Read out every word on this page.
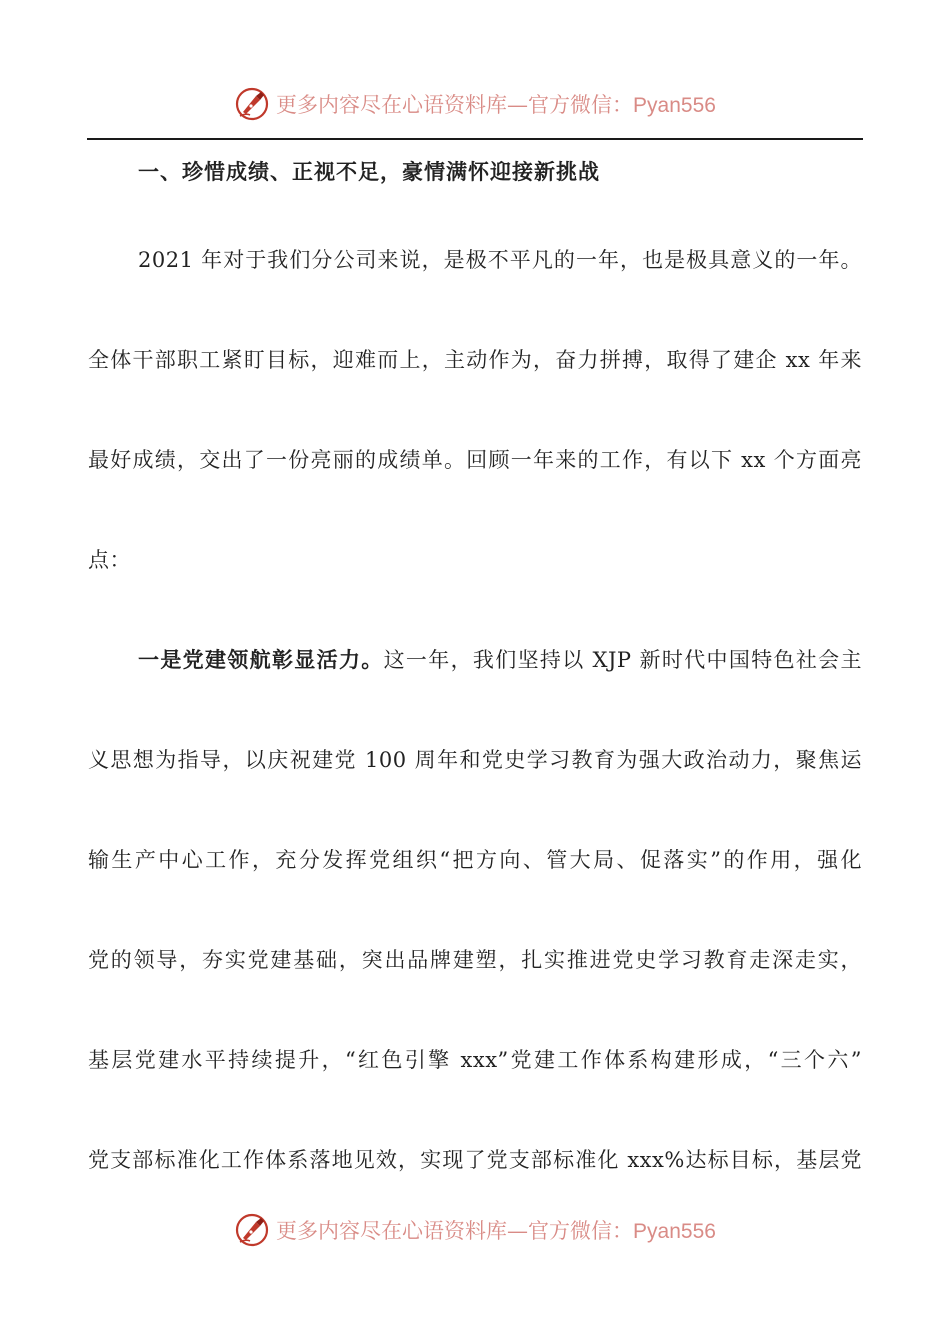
更多内容尽在心语资料库—官方微信：Pyan556
一、珍惜成绩、正视不足，豪情满怀迎接新挑战
2021 年对于我们分公司来说，是极不平凡的一年，也是极具意义的一年。
全体干部职工紧盯目标，迎难而上，主动作为，奋力拼搏，取得了建企 xx 年来
最好成绩，交出了一份亮丽的成绩单。回顾一年来的工作，有以下 xx 个方面亮
点：
一是党建领航彰显活力。这一年，我们坚持以 XJP 新时代中国特色社会主
义思想为指导，以庆祝建党 100 周年和党史学习教育为强大政治动力，聚焦运
输生产中心工作，充分发挥党组织“把方向、管大局、促落实”的作用，强化
党的领导，夯实党建基础，突出品牌建塑，扎实推进党史学习教育走深走实，
基层党建水平持续提升，“红色引擎 xxx”党建工作体系构建形成，“三个六”
党支部标准化工作体系落地见效，实现了党支部标准化 xxx%达标目标，基层党
更多内容尽在心语资料库—官方微信：Pyan556
